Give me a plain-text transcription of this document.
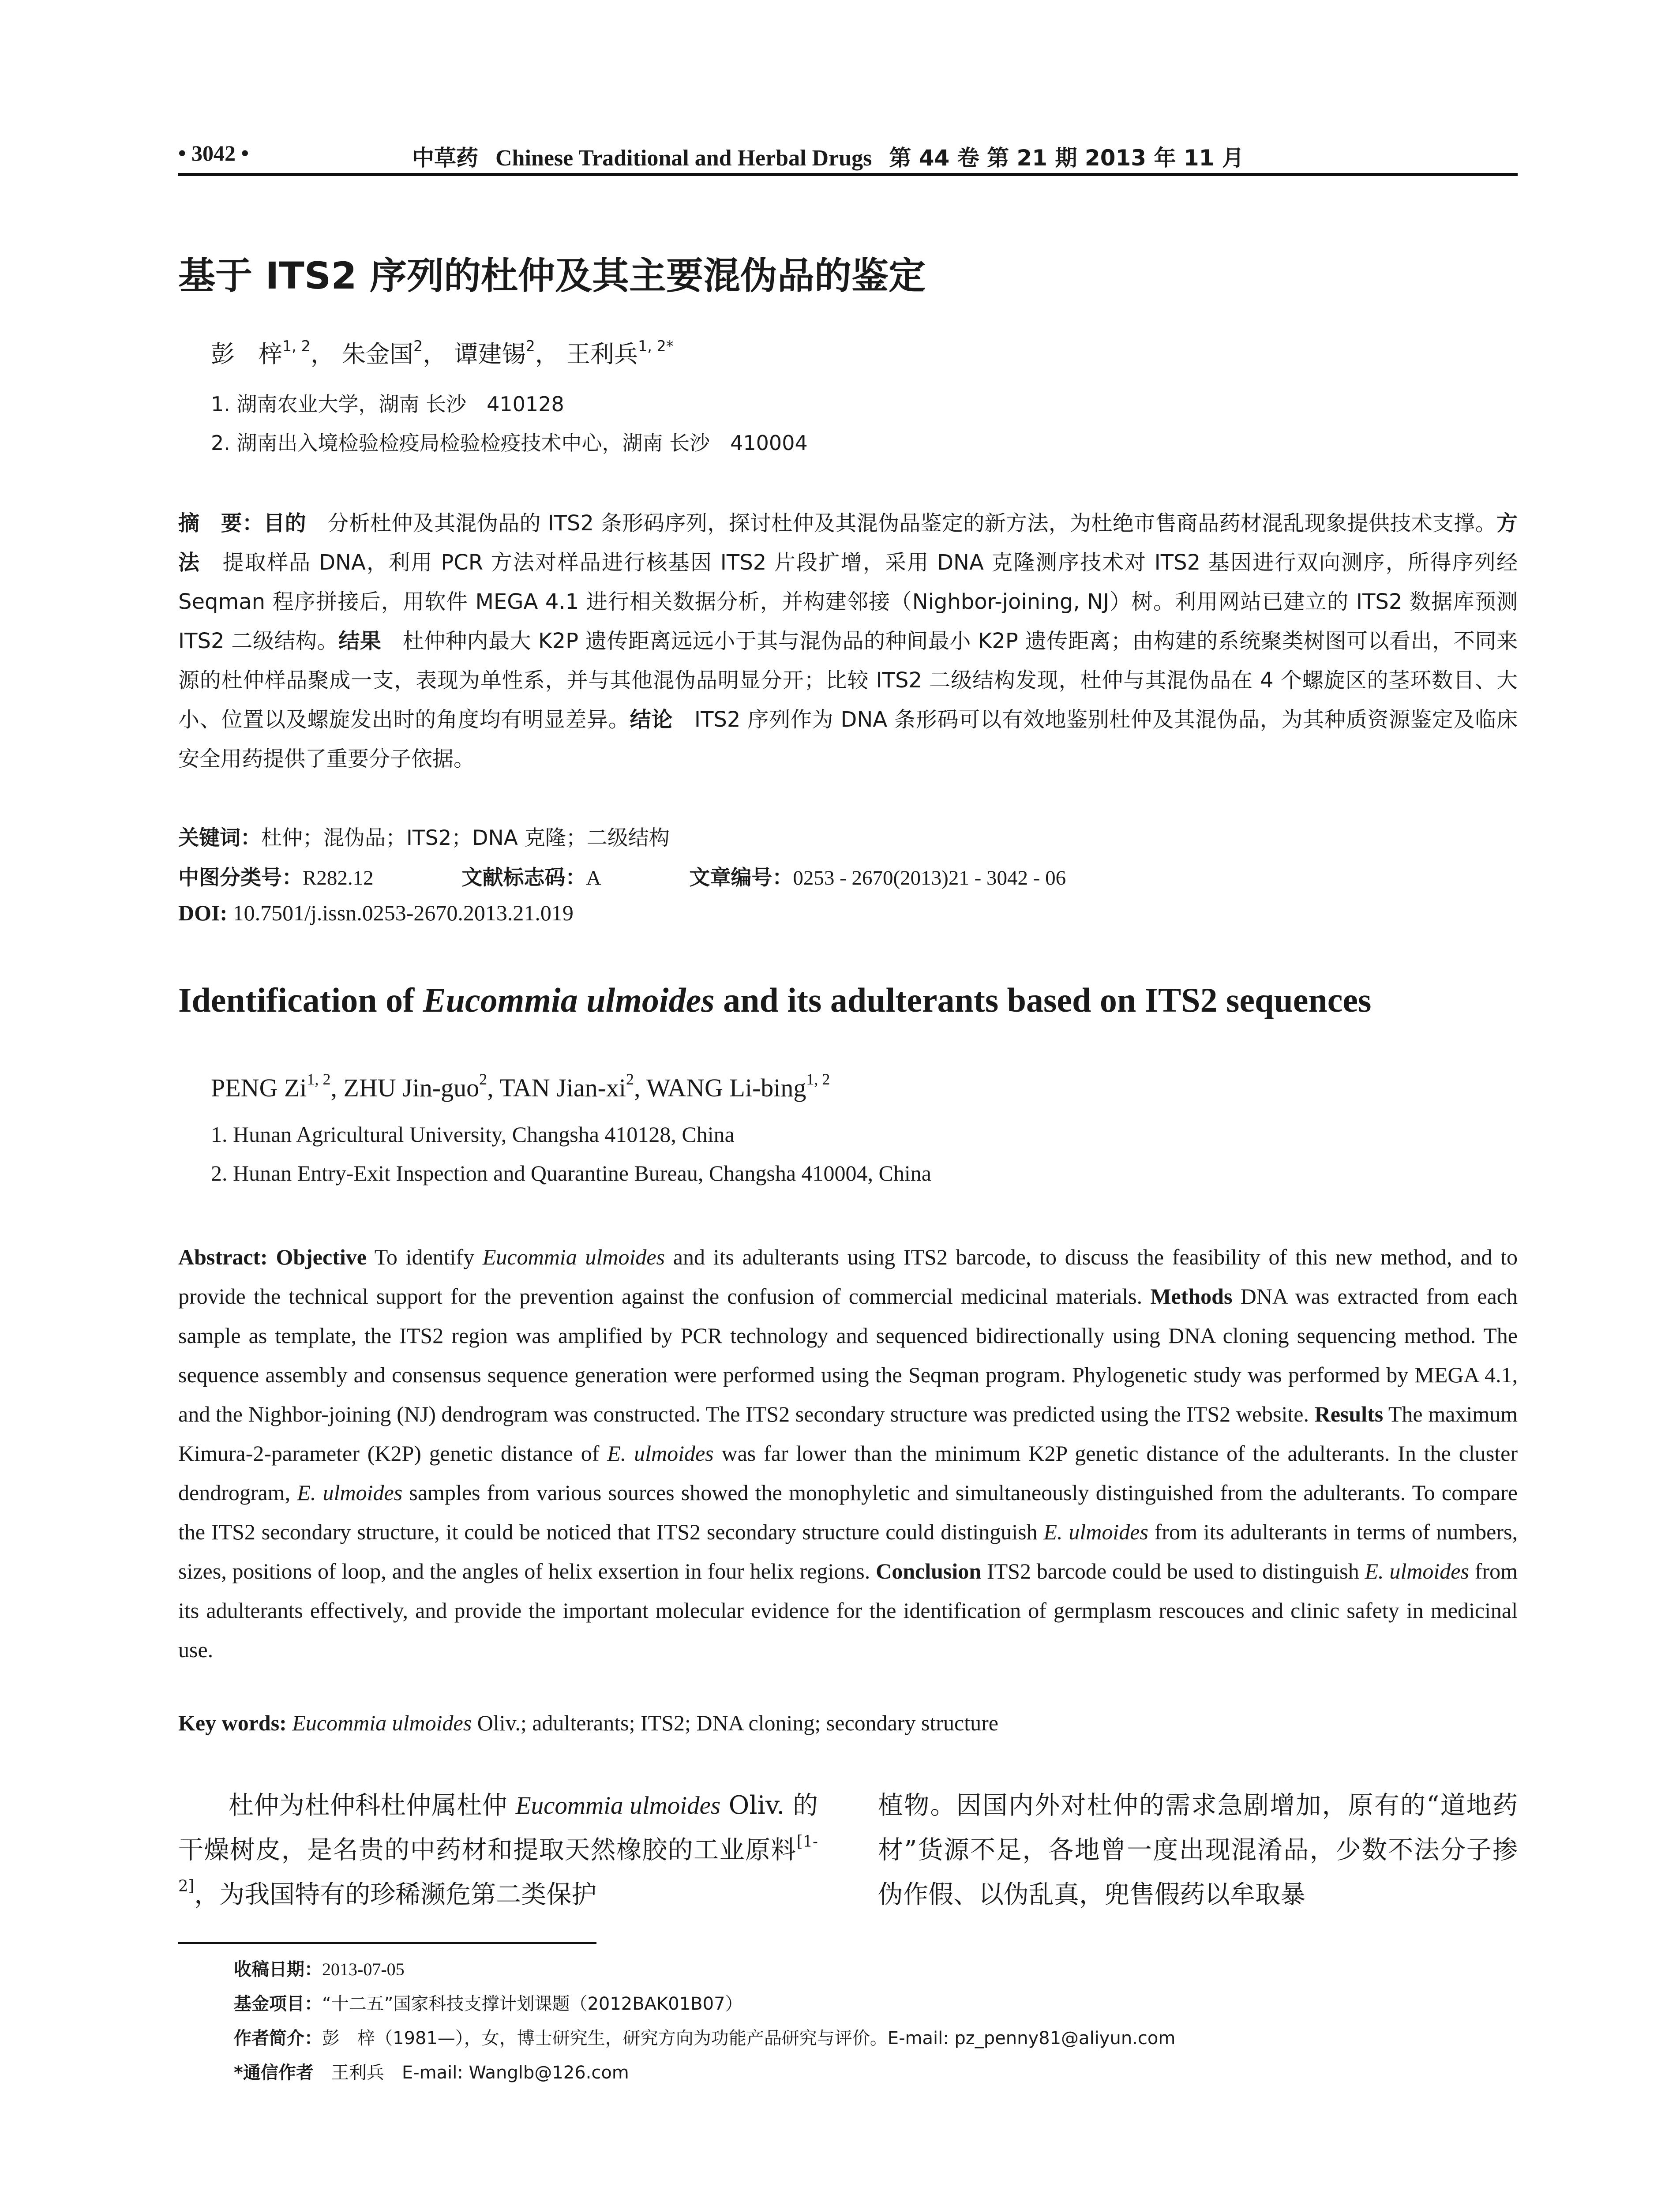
• 3042 •	中草药 Chinese Traditional and Herbal Drugs 第 44 卷 第 21 期 2013 年 11 月
基于 ITS2 序列的杜仲及其主要混伪品的鉴定
彭　梓$^{1, 2}$， 朱金国$^2$， 谭建锡$^2$， 王利兵$^{1, 2*}$
1. 湖南农业大学，湖南 长沙　410128
2. 湖南出入境检验检疫局检验检疫技术中心，湖南 长沙　410004
摘　要：目的　分析杜仲及其混伪品的 ITS2 条形码序列，探讨杜仲及其混伪品鉴定的新方法，为杜绝市售商品药材混乱现象提供技术支撑。方法　提取样品 DNA，利用 PCR 方法对样品进行核基因 ITS2 片段扩增，采用 DNA 克隆测序技术对 ITS2 基因进行双向测序，所得序列经 Seqman 程序拼接后，用软件 MEGA 4.1 进行相关数据分析，并构建邻接（Nighbor-joining, NJ）树。利用网站已建立的 ITS2 数据库预测 ITS2 二级结构。结果　杜仲种内最大 K2P 遗传距离远远小于其与混伪品的种间最小 K2P 遗传距离；由构建的系统聚类树图可以看出，不同来源的杜仲样品聚成一支，表现为单性系，并与其他混伪品明显分开；比较 ITS2 二级结构发现，杜仲与其混伪品在 4 个螺旋区的茎环数目、大小、位置以及螺旋发出时的角度均有明显差异。结论　ITS2 序列作为 DNA 条形码可以有效地鉴别杜仲及其混伪品，为其种质资源鉴定及临床安全用药提供了重要分子依据。
关键词：杜仲；混伪品；ITS2；DNA 克隆；二级结构
中图分类号：R282.12	文献标志码：A	文章编号：0253 - 2670(2013)21 - 3042 - 06
DOI: 10.7501/j.issn.0253-2670.2013.21.019
Identification of Eucommia ulmoides and its adulterants based on ITS2 sequences
PENG Zi$^{1, 2}$, ZHU Jin-guo$^2$, TAN Jian-$xi^2$, WANG Li-bing$^{1, 2}$
1. Hunan Agricultural University, Changsha 410128, China
2. Hunan Entry-Exit Inspection and Quarantine Bureau, Changsha 410004, China
Abstract: Objective To identify Eucommia ulmoides and its adulterants using ITS2 barcode, to discuss the feasibility of this new method, and to provide the technical support for the prevention against the confusion of commercial medicinal materials. Methods DNA was extracted from each sample as template, the ITS2 region was amplified by PCR technology and sequenced bidirectionally using DNA cloning sequencing method. The sequence assembly and consensus sequence generation were performed using the Seqman program. Phylogenetic study was performed by MEGA 4.1, and the Nighbor-joining (NJ) dendrogram was constructed. The ITS2 secondary structure was predicted using the ITS2 website. Results The maximum Kimura-2-parameter (K2P) genetic distance of E. ulmoides was far lower than the minimum K2P genetic distance of the adulterants. In the cluster dendrogram, E. ulmoides samples from various sources showed the monophyletic and simultaneously distinguished from the adulterants. To compare the ITS2 secondary structure, it could be noticed that ITS2 secondary structure could distinguish E. ulmoides from its adulterants in terms of numbers, sizes, positions of loop, and the angles of helix exsertion in four helix regions. Conclusion ITS2 barcode could be used to distinguish E. ulmoides from its adulterants effectively, and provide the important molecular evidence for the identification of germplasm rescouces and clinic safety in medicinal use.
Key words: Eucommia ulmoides Oliv.; adulterants; ITS2; DNA cloning; secondary structure
杜仲为杜仲科杜仲属杜仲 Eucommia ulmoides Oliv. 的干燥树皮，是名贵的中药材和提取天然橡胶的工业原料[1-2]，为我国特有的珍稀濒危第二类保护
植物。因国内外对杜仲的需求急剧增加，原有的“道地药材”货源不足，各地曾一度出现混淆品，少数不法分子掺伪作假、以伪乱真，兜售假药以牟取暴
收稿日期：2013-07-05
基金项目：“十二五”国家科技支撑计划课题（2012BAK01B07）
作者简介：彭　梓（1981—），女，博士研究生，研究方向为功能产品研究与评价。E-mail: pz_penny81@aliyun.com
*通信作者　王利兵　E-mail: Wanglb@126.com
